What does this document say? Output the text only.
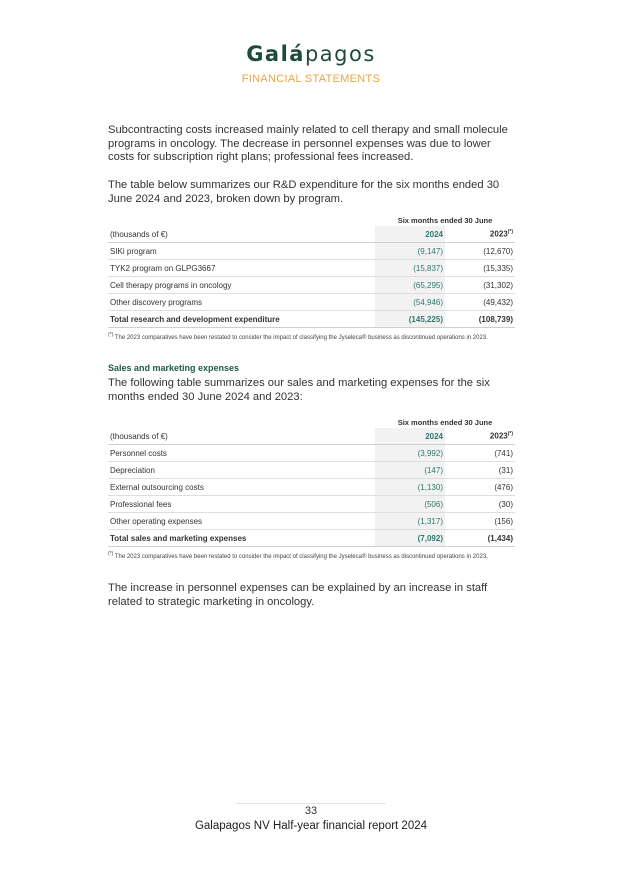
Galápagos
FINANCIAL STATEMENTS

Subcontracting costs increased mainly related to cell therapy and small molecule programs in oncology. The decrease in personnel expenses was due to lower costs for subscription right plans; professional fees increased.

The table below summarizes our R&D expenditure for the six months ended 30 June 2024 and 2023, broken down by program.

	Six months ended 30 June	
(thousands of €)	2024	2023(*)
SIKi program	(9,147)	(12,670)
TYK2 program on GLPG3667	(15,837)	(15,335)
Cell therapy programs in oncology	(65,295)	(31,302)
Other discovery programs	(54,946)	(49,432)
Total research and development expenditure	(145,225)	(108,739)
(*) The 2023 comparatives have been restated to consider the impact of classifying the Jyseleca® business as discontinued operations in 2023.
Sales and marketing expenses

The following table summarizes our sales and marketing expenses for the six months ended 30 June 2024 and 2023:

	Six months ended 30 June	
(thousands of €)	2024	2023(*)
Personnel costs	(3,992)	(741)
Depreciation	(147)	(31)
External outsourcing costs	(1,130)	(476)
Professional fees	(506)	(30)
Other operating expenses	(1,317)	(156)
Total sales and marketing expenses	(7,092)	(1,434)
(*) The 2023 comparatives have been restated to consider the impact of classifying the Jyseleca® business as discontinued operations in 2023.

The increase in personnel expenses can be explained by an increase in staff related to strategic marketing in oncology.

33
Galapagos NV Half-year financial report 2024
